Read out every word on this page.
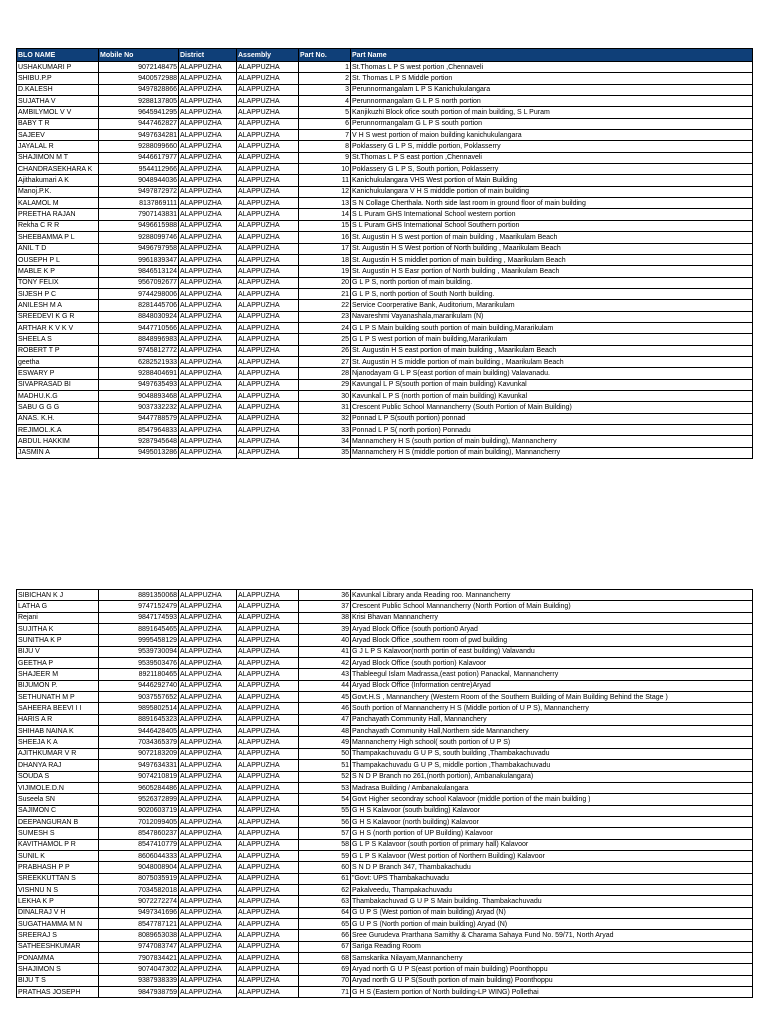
BLO NAME	Mobile No	District	Assembly	Part No.	Part Name
USHAKUMARI P	9072148475	ALAPPUZHA	ALAPPUZHA	1	St.Thomas L P S west portion ,Chennaveli
SHIBU.P.P	9400572988	ALAPPUZHA	ALAPPUZHA	2	St. Thomas L P S Middle portion
D.KALESH	9497828866	ALAPPUZHA	ALAPPUZHA	3	Perunnormangalam L P S Kanichukulangara
SUJATHA V	9288137805	ALAPPUZHA	ALAPPUZHA	4	Perunnormangalam G L P S north portion
AMBILYMOL V V	9645941295	ALAPPUZHA	ALAPPUZHA	5	Kanjikuzhi Block ofice south portion of main building, S L Puram
BABY T R	9447462827	ALAPPUZHA	ALAPPUZHA	6	Perunnormangalam G L P S south portion
SAJEEV	9497634281	ALAPPUZHA	ALAPPUZHA	7	V H S west portion of maion building kanichukulangara
JAYALAL R	9288099660	ALAPPUZHA	ALAPPUZHA	8	Poklassery G L P S, middle portion, Poklasserry
SHAJIMON M T	9446617977	ALAPPUZHA	ALAPPUZHA	9	St.Thomas L P S east portion ,Chennaveli
CHANDRASEKHARA K	9544112966	ALAPPUZHA	ALAPPUZHA	10	Poklassery G L P S, South portion, Poklasserry
Ajithakumari A K	9048944036	ALAPPUZHA	ALAPPUZHA	11	Kanichukulangara VHS West portion of Main Building
Manoj.P.K.	9497872972	ALAPPUZHA	ALAPPUZHA	12	Kanichukulangara V H S midddle portion of main building
KALAMOL M	8137869111	ALAPPUZHA	ALAPPUZHA	13	S N Collage Cherthala. North side last room in ground floor of main building
PREETHA RAJAN	7907143831	ALAPPUZHA	ALAPPUZHA	14	S L Puram GHS International School western portion
Rekha C R R	9496615988	ALAPPUZHA	ALAPPUZHA	15	S L Puram GHS International School Southern portion
SHEEBAMMA P L	9288099746	ALAPPUZHA	ALAPPUZHA	16	St. Augustin H S west portion of main building , Maarikulam Beach
ANIL T D	9496797958	ALAPPUZHA	ALAPPUZHA	17	St. Augustin H S West portion of North building , Maarikulam Beach
OUSEPH P L	9961839347	ALAPPUZHA	ALAPPUZHA	18	St. Augustin H S middlet portion of main building , Maarikulam Beach
MABLE K P	9846513124	ALAPPUZHA	ALAPPUZHA	19	St. Augustin H S Easr portion of North building , Maarikulam Beach
TONY FELIX	9567092677	ALAPPUZHA	ALAPPUZHA	20	G L P S, north portion of main building.
SIJESH P C	9744298006	ALAPPUZHA	ALAPPUZHA	21	G L P S, north portion of South North building.
ANILESH M A	8281445706	ALAPPUZHA	ALAPPUZHA	22	Service Coorperative Bank, Auditorium, Mararikulam
SREEDEVI K G R	8848030924	ALAPPUZHA	ALAPPUZHA	23	Navareshmi Vayanashala,mararikulam (N)
ARTHAR K V K V	9447710566	ALAPPUZHA	ALAPPUZHA	24	G L P S Main building south portion of main building,Mararikulam
SHEELA S	8848996983	ALAPPUZHA	ALAPPUZHA	25	G L P S west portion of main building,Mararikulam
ROBERT T P	9745812772	ALAPPUZHA	ALAPPUZHA	26	St. Augustin H S east portion of main building , Maarikulam Beach
geetha	6282521933	ALAPPUZHA	ALAPPUZHA	27	St. Augustin H S middle portion of main building , Maarikulam Beach
ESWARY P	9288404691	ALAPPUZHA	ALAPPUZHA	28	Njanodayam G L P S(east portion of main building) Valavanadu.
SIVAPRASAD BI	9497635493	ALAPPUZHA	ALAPPUZHA	29	Kavungal L P S(south portion of main building) Kavunkal
MADHU.K.G	9048893468	ALAPPUZHA	ALAPPUZHA	30	Kavunkal L P S (north portion of main building) Kavunkal
SABU G G G	9037332232	ALAPPUZHA	ALAPPUZHA	31	Crescent Public School Mannancherry (South Portion of Main Building)
ANAS. K.H.	9447788579	ALAPPUZHA	ALAPPUZHA	32	Ponnad L P S(south portion) ponnad
REJIMOL.K.A	8547964833	ALAPPUZHA	ALAPPUZHA	33	Ponnad L P S( north portion) Ponnadu
ABDUL HAKKIM	9287945648	ALAPPUZHA	ALAPPUZHA	34	Mannamchery H S (south portion of main building), Mannancherry
JASMIN A	9495013286	ALAPPUZHA	ALAPPUZHA	35	Mannamchery H S (middle portion of main building), Mannancherry
SIBICHAN K J	8891350068	ALAPPUZHA	ALAPPUZHA	36	Kavunkal Library anda Reading roo. Mannancherry
LATHA G	9747152479	ALAPPUZHA	ALAPPUZHA	37	Crescent Public School Mannancherry (North Portion of Main Building)
Rejani	9847174593	ALAPPUZHA	ALAPPUZHA	38	Krisi Bhavan Mannancherry
SUJITHA K	8891645465	ALAPPUZHA	ALAPPUZHA	39	Aryad Block Office (south portion0 Aryad
SUNITHA K P	9995458129	ALAPPUZHA	ALAPPUZHA	40	Aryad Block Office ,southern room of pwd building
BIJU V	9539730094	ALAPPUZHA	ALAPPUZHA	41	G J L P S Kalavoor(north portin of east building) Valavandu
GEETHA P	9539503476	ALAPPUZHA	ALAPPUZHA	42	Aryad Block Office (south portion) Kalavoor
SHAJEER M	8921180465	ALAPPUZHA	ALAPPUZHA	43	Thableegul Islam Madrassa,(east potion) Panackal, Mannancherry
BIJUMON P.	9446292740	ALAPPUZHA	ALAPPUZHA	44	Aryad Block Office (Information centre)Aryad
SETHUNATH M P	9037557652	ALAPPUZHA	ALAPPUZHA	45	Govt.H.S , Mannanchery (Western Room of the Southern Building of Main Building Behind the Stage )
SAHEERA BEEVI I I	9895802514	ALAPPUZHA	ALAPPUZHA	46	South portion of Mannancherry H S (Middle portion of U P S), Mannancherry
HARIS A R	8891645323	ALAPPUZHA	ALAPPUZHA	47	Panchayath Community Hall, Mannanchery
SHIHAB NAINA K	9446428405	ALAPPUZHA	ALAPPUZHA	48	Panchayath Community Hall,Northern side Mannanchery
SHEEJA K A	7034365379	ALAPPUZHA	ALAPPUZHA	49	Mannancherry High school( south portion of U P S)
AJITHKUMAR V R	9072183209	ALAPPUZHA	ALAPPUZHA	50	Thampakachuvadu G U P S, south building ,Thambakachuvadu
DHANYA RAJ	9497634331	ALAPPUZHA	ALAPPUZHA	51	Thampakachuvadu G U P S, middle portion ,Thambakachuvadu
SOUDA S	9074210819	ALAPPUZHA	ALAPPUZHA	52	S N D P Branch no 261,(north portion), Ambanakulangara)
VIJIMOLE.D.N	9605284486	ALAPPUZHA	ALAPPUZHA	53	Madrasa Building / Ambanakulangara
Suseela SN	9526372899	ALAPPUZHA	ALAPPUZHA	54	Govt Higher secondray school Kalavoor (middle portion of the main building )
SAJIMON C	9020603719	ALAPPUZHA	ALAPPUZHA	55	G H S Kalavoor (south building) Kalavoor
DEEPANGURAN B	7012099405	ALAPPUZHA	ALAPPUZHA	56	G H S Kalavoor (north building) Kalavoor
SUMESH S	8547860237	ALAPPUZHA	ALAPPUZHA	57	G H S (north portion of UP Building) Kalavoor
KAVITHAMOL P R	8547410779	ALAPPUZHA	ALAPPUZHA	58	G L P S Kalavoor (south portion of primary hall) Kalavoor
SUNIL K	8606044333	ALAPPUZHA	ALAPPUZHA	59	G L P S Kalavoor (West portion of Northern Building) Kalavoor
PRABHASH P P	9048008904	ALAPPUZHA	ALAPPUZHA	60	S N D P Branch 347, Thambakachudu
SREEKKUTTAN S	8075035919	ALAPPUZHA	ALAPPUZHA	61	"Govt: UPS Thambakachuvadu
VISHNU N S	7034582018	ALAPPUZHA	ALAPPUZHA	62	Pakalveedu, Thampakachuvadu
LEKHA K P	9072272274	ALAPPUZHA	ALAPPUZHA	63	Thambakachuvad G U P S Main building. Thambakachuvadu
DINALRAJ V H	9497341696	ALAPPUZHA	ALAPPUZHA	64	G U P S (West portion of main building) Aryad (N)
SUGATHAMMA M N	8547787121	ALAPPUZHA	ALAPPUZHA	65	G U P S (North portion of main building) Aryad (N)
SREERAJ S	8089653038	ALAPPUZHA	ALAPPUZHA	66	Sree Gurudeva Prarthana Samithy & Charama Sahaya Fund No. 59/71, North Aryad
SATHEESHKUMAR	9747083747	ALAPPUZHA	ALAPPUZHA	67	Sariga Reading Room
PONAMMA	7907834421	ALAPPUZHA	ALAPPUZHA	68	Samskarika Nilayam,Mannancherry
SHAJIMON S	9074047302	ALAPPUZHA	ALAPPUZHA	69	Aryad north G U P S(east portion of main building) Poonthoppu
BIJU T S	9387938339	ALAPPUZHA	ALAPPUZHA	70	Aryad north G U P S(South portion of main building) Poonthoppu
PRATHAS JOSEPH	9847938759	ALAPPUZHA	ALAPPUZHA	71	G H S (Eastern portion of North building-LP WING) Pollethai
